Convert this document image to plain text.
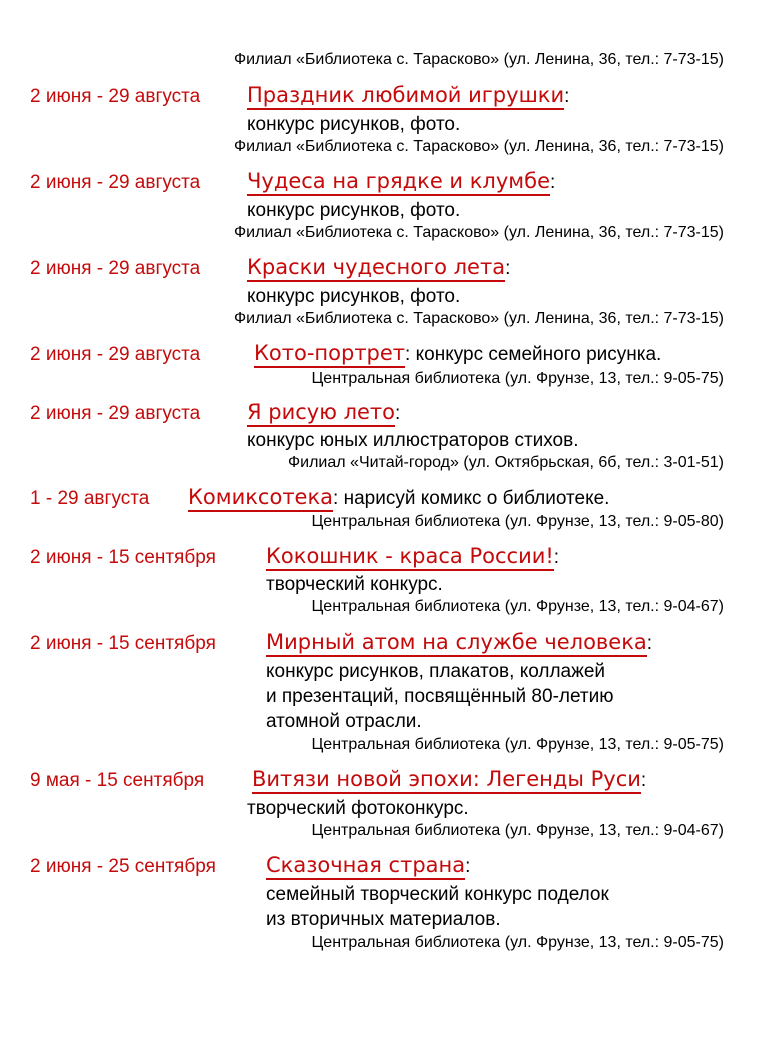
Филиал «Библиотека с. Тарасково» (ул. Ленина, 36, тел.: 7-73-15)
2 июня - 29 августа Праздник любимой игрушки:
конкурс рисунков, фото.
Филиал «Библиотека с. Тарасково» (ул. Ленина, 36, тел.: 7-73-15)
2 июня - 29 августа Чудеса на грядке и клумбе:
конкурс рисунков, фото.
Филиал «Библиотека с. Тарасково» (ул. Ленина, 36, тел.: 7-73-15)
2 июня - 29 августа Краски чудесного лета:
конкурс рисунков, фото.
Филиал «Библиотека с. Тарасково» (ул. Ленина, 36, тел.: 7-73-15)
2 июня - 29 августа	Кото-портрет: конкурс семейного рисунка.
Центральная библиотека (ул. Фрунзе, 13, тел.: 9-05-75)
2 июня - 29 августа Я рисую лето:
конкурс юных иллюстраторов стихов.
Филиал «Читай-город» (ул. Октябрьская, 6б, тел.: 3-01-51)
1 - 29 августа Комиксотека: нарисуй комикс о библиотеке.
Центральная библиотека (ул. Фрунзе, 13, тел.: 9-05-80)
2 июня - 15 сентября Кокошник - краса России!:
творческий конкурс.
Центральная библиотека (ул. Фрунзе, 13, тел.: 9-04-67)
2 июня - 15 сентября Мирный атом на службе человека:
конкурс рисунков, плакатов, коллажей
и презентаций, посвящённый 80-летию
атомной отрасли.
Центральная библиотека (ул. Фрунзе, 13, тел.: 9-05-75)
9 мая - 15 сентября Витязи новой эпохи: Легенды Руси:
творческий фотоконкурс.
Центральная библиотека (ул. Фрунзе, 13, тел.: 9-04-67)
2 июня - 25 сентября Сказочная страна:
семейный творческий конкурс поделок
из вторичных материалов.
Центральная библиотека (ул. Фрунзе, 13, тел.: 9-05-75)
